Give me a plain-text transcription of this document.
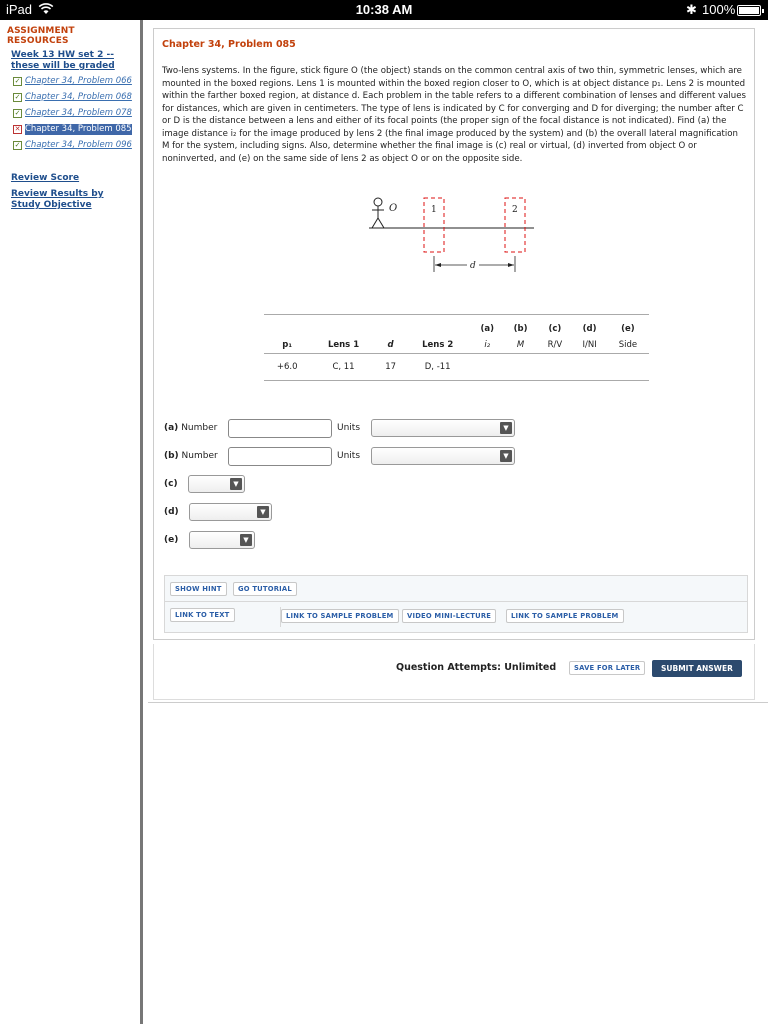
iPad	10:38 AM	✱ 100%
ASSIGNMENT RESOURCES
Week 13 HW set 2 -- these will be graded
✓ Chapter 34, Problem 066
✓ Chapter 34, Problem 068
✓ Chapter 34, Problem 078
✕ Chapter 34, Problem 085
✓ Chapter 34, Problem 096
Review Score
Review Results by Study Objective
Chapter 34, Problem 085
Two-lens systems. In the figure, stick figure O (the object) stands on the common central axis of two thin, symmetric lenses, which are mounted in the boxed regions. Lens 1 is mounted within the boxed region closer to O, which is at object distance p₁. Lens 2 is mounted within the farther boxed region, at distance d. Each problem in the table refers to a different combination of lenses and different values for distances, which are given in centimeters. The type of lens is indicated by C for converging and D for diverging; the number after C or D is the distance between a lens and either of its focal points (the proper sign of the focal distance is not indicated). Find (a) the image distance i₂ for the image produced by lens 2 (the final image produced by the system) and (b) the overall lateral magnification M for the system, including signs. Also, determine whether the final image is (c) real or virtual, (d) inverted from object O or noninverted, and (e) on the same side of lens 2 as object O or on the opposite side.
O	1	2
d
				(a)	(b)	(c)	(d)	(e)
p₁	Lens 1	d	Lens 2	i₂	M	R/V	I/NI	Side
+6.0	C, 11	17	D, -11					
(a) Number	Units	▼
(b) Number	Units	▼
(c)	▼
(d)	▼
(e)	▼
SHOW HINT	GO TUTORIAL
LINK TO TEXT	LINK TO SAMPLE PROBLEM	VIDEO MINI-LECTURE	LINK TO SAMPLE PROBLEM
Question Attempts: Unlimited	SAVE FOR LATER	SUBMIT ANSWER
